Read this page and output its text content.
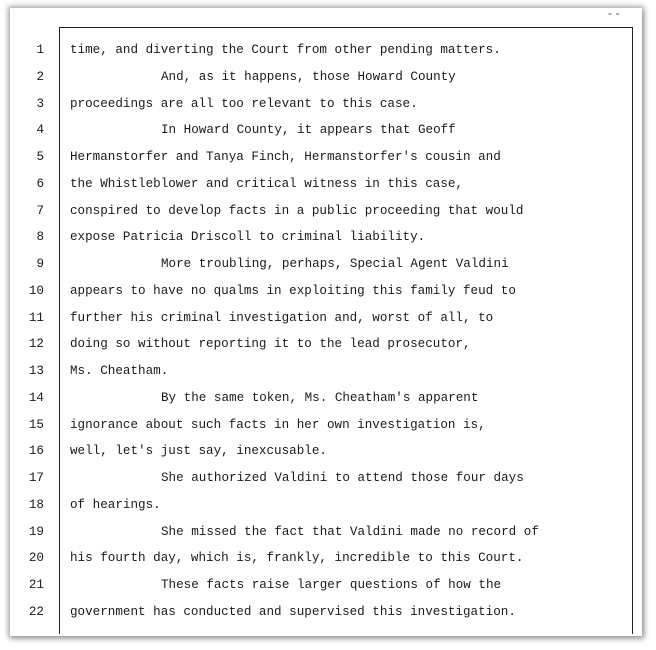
--
1 time, and diverting the Court from other pending matters.
2	And, as it happens, those Howard County
3 proceedings are all too relevant to this case.
4	In Howard County, it appears that Geoff
5 Hermanstorfer and Tanya Finch, Hermanstorfer's cousin and
6 the Whistleblower and critical witness in this case,
7 conspired to develop facts in a public proceeding that would
8 expose Patricia Driscoll to criminal liability.
9	More troubling, perhaps, Special Agent Valdini
10 appears to have no qualms in exploiting this family feud to
11 further his criminal investigation and, worst of all, to
12 doing so without reporting it to the lead prosecutor,
13 Ms. Cheatham.
14	By the same token, Ms. Cheatham's apparent
15 ignorance about such facts in her own investigation is,
16 well, let's just say, inexcusable.
17	She authorized Valdini to attend those four days
18 of hearings.
19	She missed the fact that Valdini made no record of
20 his fourth day, which is, frankly, incredible to this Court.
21	These facts raise larger questions of how the
22 government has conducted and supervised this investigation.
